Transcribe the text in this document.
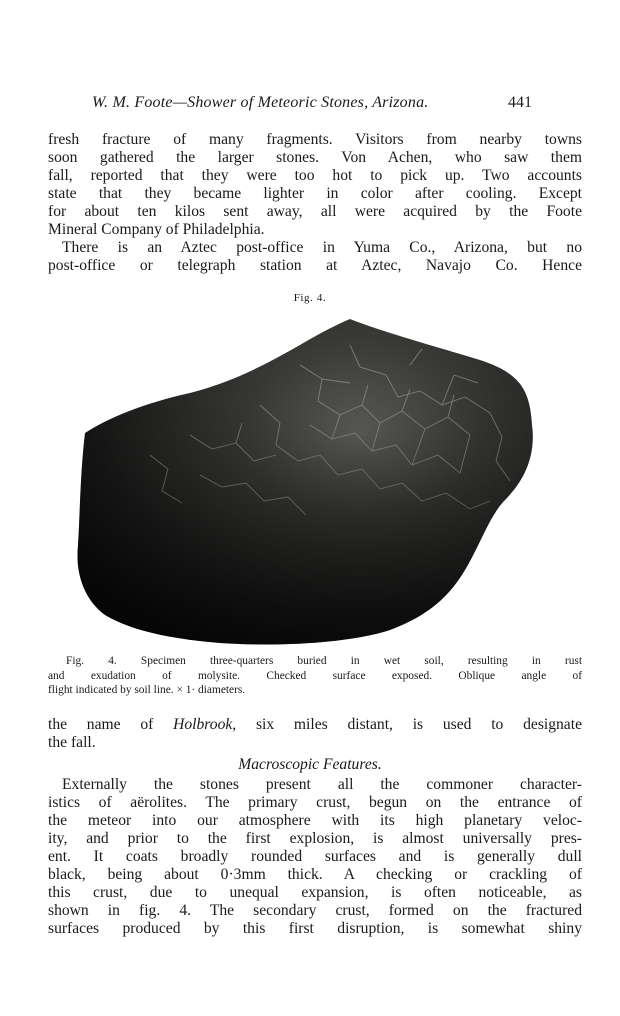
W. M. Foote—Shower of Meteoric Stones, Arizona.	441

fresh fracture of many fragments. Visitors from nearby towns

soon gathered the larger stones. Von Achen, who saw them

fall, reported that they were too hot to pick up. Two accounts

state that they became lighter in color after cooling. Except

for about ten kilos sent away, all were acquired by the Foote

Mineral Company of Philadelphia.

There is an Aztec post-office in Yuma Co., Arizona, but no

post-office or telegraph station at Aztec, Navajo Co. Hence

Fig. 4.

Fig. 4. Specimen three-quarters buried in wet soil, resulting in rust

and exudation of molysite. Checked surface exposed. Oblique angle of

flight indicated by soil line. × 1· diameters.

the name of Holbrook, six miles distant, is used to designate

the fall.

Macroscopic Features.

Externally the stones present all the commoner character-

istics of aërolites. The primary crust, begun on the entrance of

the meteor into our atmosphere with its high planetary veloc-

ity, and prior to the first explosion, is almost universally pres-

ent. It coats broadly rounded surfaces and is generally dull

black, being about 0·3mm thick. A checking or crackling of

this crust, due to unequal expansion, is often noticeable, as

shown in fig. 4. The secondary crust, formed on the fractured

surfaces produced by this first disruption, is somewhat shiny
